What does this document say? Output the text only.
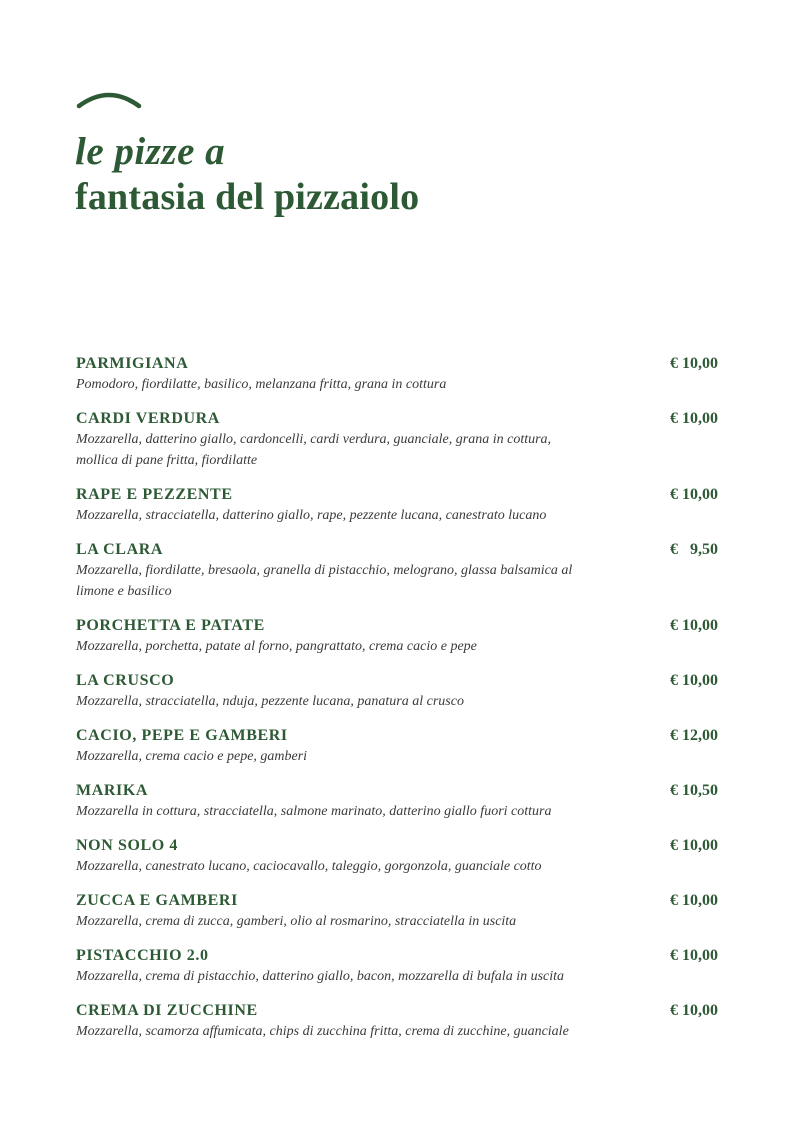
le pizze a
fantasia del pizzaiolo
PARMIGIANA	€ 10,00
Pomodoro, fiordilatte, basilico, melanzana fritta, grana in cottura
CARDI VERDURA	€ 10,00
Mozzarella, datterino giallo, cardoncelli, cardi verdura, guanciale, grana in cottura, mollica di pane fritta, fiordilatte
RAPE E PEZZENTE	€ 10,00
Mozzarella, stracciatella, datterino giallo, rape, pezzente lucana, canestrato lucano
LA CLARA	€   9,50
Mozzarella, fiordilatte, bresaola, granella di pistacchio, melograno, glassa balsamica al limone e basilico
PORCHETTA E PATATE	€ 10,00
Mozzarella, porchetta, patate al forno, pangrattato, crema cacio e pepe
LA CRUSCO	€ 10,00
Mozzarella, stracciatella, nduja, pezzente lucana, panatura al crusco
CACIO, PEPE E GAMBERI	€ 12,00
Mozzarella, crema cacio e pepe, gamberi
MARIKA	€ 10,50
Mozzarella in cottura, stracciatella, salmone marinato, datterino giallo fuori cottura
NON SOLO 4	€ 10,00
Mozzarella, canestrato lucano, caciocavallo, taleggio, gorgonzola, guanciale cotto
ZUCCA E GAMBERI	€ 10,00
Mozzarella, crema di zucca, gamberi, olio al rosmarino, stracciatella in uscita
PISTACCHIO 2.0	€ 10,00
Mozzarella, crema di pistacchio, datterino giallo, bacon, mozzarella di bufala in uscita
CREMA DI ZUCCHINE	€ 10,00
Mozzarella, scamorza affumicata, chips di zucchina fritta, crema di zucchine, guanciale
